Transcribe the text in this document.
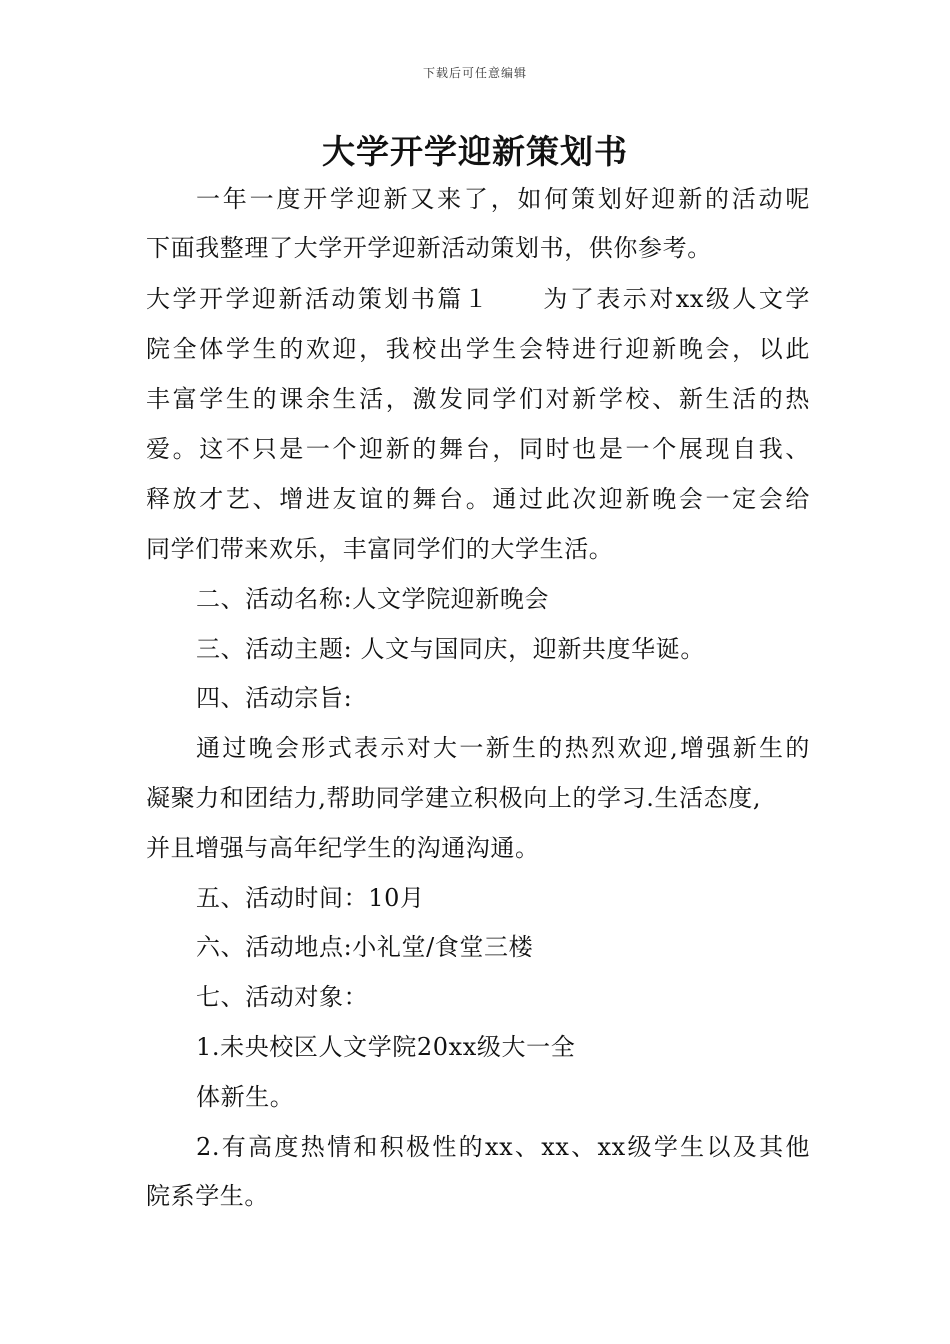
下载后可任意编辑
大学开学迎新策划书
一年一度开学迎新又来了，如何策划好迎新的活动呢
下面我整理了大学开学迎新活动策划书，供你参考。
大学开学迎新活动策划书篇１　　为了表示对xx级人文学
院全体学生的欢迎，我校出学生会特进行迎新晚会，以此
丰富学生的课余生活，激发同学们对新学校、新生活的热
爱。这不只是一个迎新的舞台，同时也是一个展现自我、
释放才艺、增进友谊的舞台。通过此次迎新晚会一定会给
同学们带来欢乐，丰富同学们的大学生活。
二、活动名称:人文学院迎新晚会
三、活动主题: 人文与国同庆，迎新共度华诞。
四、活动宗旨:
通过晚会形式表示对大一新生的热烈欢迎,增强新生的
凝聚力和团结力,帮助同学建立积极向上的学习.生活态度,
并且增强与高年纪学生的沟通沟通。
五、活动时间：10月
六、活动地点:小礼堂/食堂三楼
七、活动对象：
1.未央校区人文学院20xx级大一全
体新生。
2.有高度热情和积极性的xx、xx、xx级学生以及其他
院系学生。
